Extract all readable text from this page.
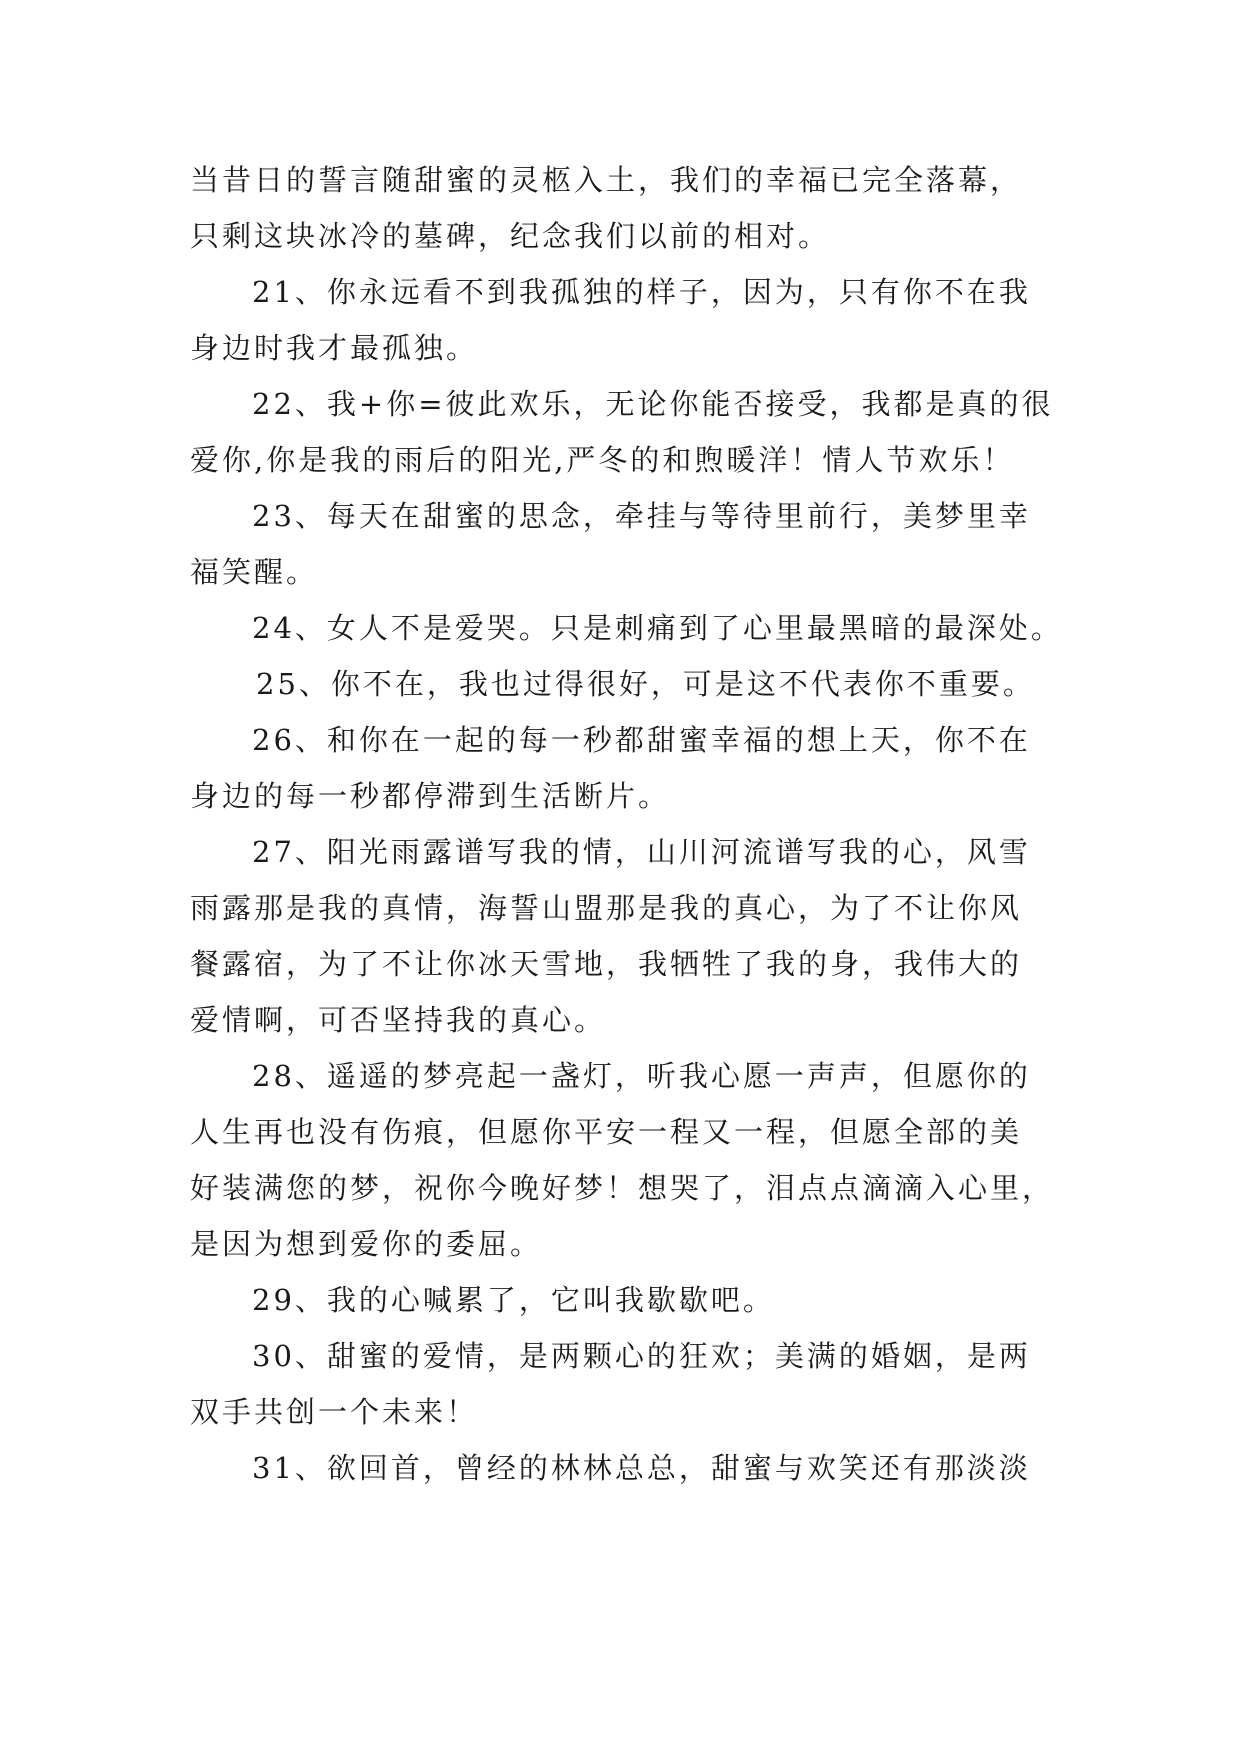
当昔日的誓言随甜蜜的灵柩入土，我们的幸福已完全落幕，
只剩这块冰冷的墓碑，纪念我们以前的相对。
21、你永远看不到我孤独的样子，因为，只有你不在我
身边时我才最孤独。
22、我+你=彼此欢乐，无论你能否接受，我都是真的很
爱你,你是我的雨后的阳光,严冬的和煦暖洋！情人节欢乐！
23、每天在甜蜜的思念，牵挂与等待里前行，美梦里幸
福笑醒。
24、女人不是爱哭。只是刺痛到了心里最黑暗的最深处。
25、你不在，我也过得很好，可是这不代表你不重要。
26、和你在一起的每一秒都甜蜜幸福的想上天，你不在
身边的每一秒都停滞到生活断片。
27、阳光雨露谱写我的情，山川河流谱写我的心，风雪
雨露那是我的真情，海誓山盟那是我的真心，为了不让你风
餐露宿，为了不让你冰天雪地，我牺牲了我的身，我伟大的
爱情啊，可否坚持我的真心。
28、遥遥的梦亮起一盏灯，听我心愿一声声，但愿你的
人生再也没有伤痕，但愿你平安一程又一程，但愿全部的美
好装满您的梦，祝你今晚好梦！想哭了，泪点点滴滴入心里，
是因为想到爱你的委屈。
29、我的心喊累了，它叫我歇歇吧。
30、甜蜜的爱情，是两颗心的狂欢；美满的婚姻，是两
双手共创一个未来！
31、欲回首，曾经的林林总总，甜蜜与欢笑还有那淡淡
